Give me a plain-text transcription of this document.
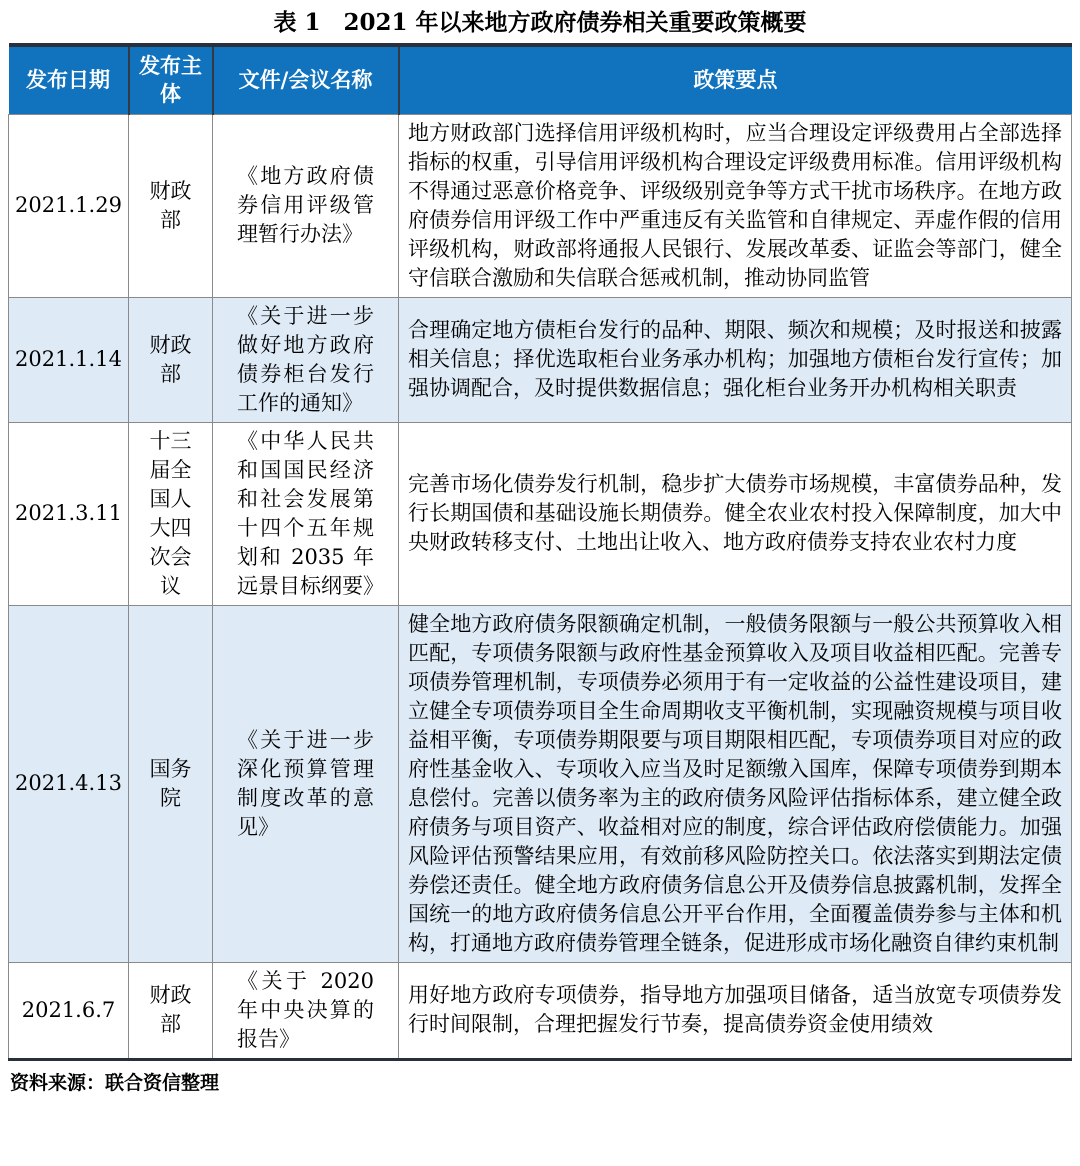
表 1　2021 年以来地方政府债券相关重要政策概要
发布日期	发布主体	文件/会议名称	政策要点
2021.1.29	财政部	《地方政府债券信用评级管理暂行办法》	地方财政部门选择信用评级机构时，应当合理设定评级费用占全部选择指标的权重，引导信用评级机构合理设定评级费用标准。信用评级机构不得通过恶意价格竞争、评级级别竞争等方式干扰市场秩序。在地方政府债券信用评级工作中严重违反有关监管和自律规定、弄虚作假的信用评级机构，财政部将通报人民银行、发展改革委、证监会等部门，健全守信联合激励和失信联合惩戒机制，推动协同监管
2021.1.14	财政部	《关于进一步做好地方政府债券柜台发行工作的通知》	合理确定地方债柜台发行的品种、期限、频次和规模；及时报送和披露相关信息；择优选取柜台业务承办机构；加强地方债柜台发行宣传；加强协调配合，及时提供数据信息；强化柜台业务开办机构相关职责
2021.3.11	十三届全国人大四次会议	《中华人民共和国国民经济和社会发展第十四个五年规划和 2035 年远景目标纲要》	完善市场化债券发行机制，稳步扩大债券市场规模，丰富债券品种，发行长期国债和基础设施长期债券。健全农业农村投入保障制度，加大中央财政转移支付、土地出让收入、地方政府债券支持农业农村力度
2021.4.13	国务院	《关于进一步深化预算管理制度改革的意见》	健全地方政府债务限额确定机制，一般债务限额与一般公共预算收入相匹配，专项债务限额与政府性基金预算收入及项目收益相匹配。完善专项债券管理机制，专项债券必须用于有一定收益的公益性建设项目，建立健全专项债券项目全生命周期收支平衡机制，实现融资规模与项目收益相平衡，专项债券期限要与项目期限相匹配，专项债券项目对应的政府性基金收入、专项收入应当及时足额缴入国库，保障专项债券到期本息偿付。完善以债务率为主的政府债务风险评估指标体系，建立健全政府债务与项目资产、收益相对应的制度，综合评估政府偿债能力。加强风险评估预警结果应用，有效前移风险防控关口。依法落实到期法定债券偿还责任。健全地方政府债务信息公开及债券信息披露机制，发挥全国统一的地方政府债务信息公开平台作用，全面覆盖债券参与主体和机构，打通地方政府债券管理全链条，促进形成市场化融资自律约束机制
2021.6.7	财政部	《关于 2020 年中央决算的报告》	用好地方政府专项债券，指导地方加强项目储备，适当放宽专项债券发行时间限制，合理把握发行节奏，提高债券资金使用绩效
资料来源：联合资信整理
